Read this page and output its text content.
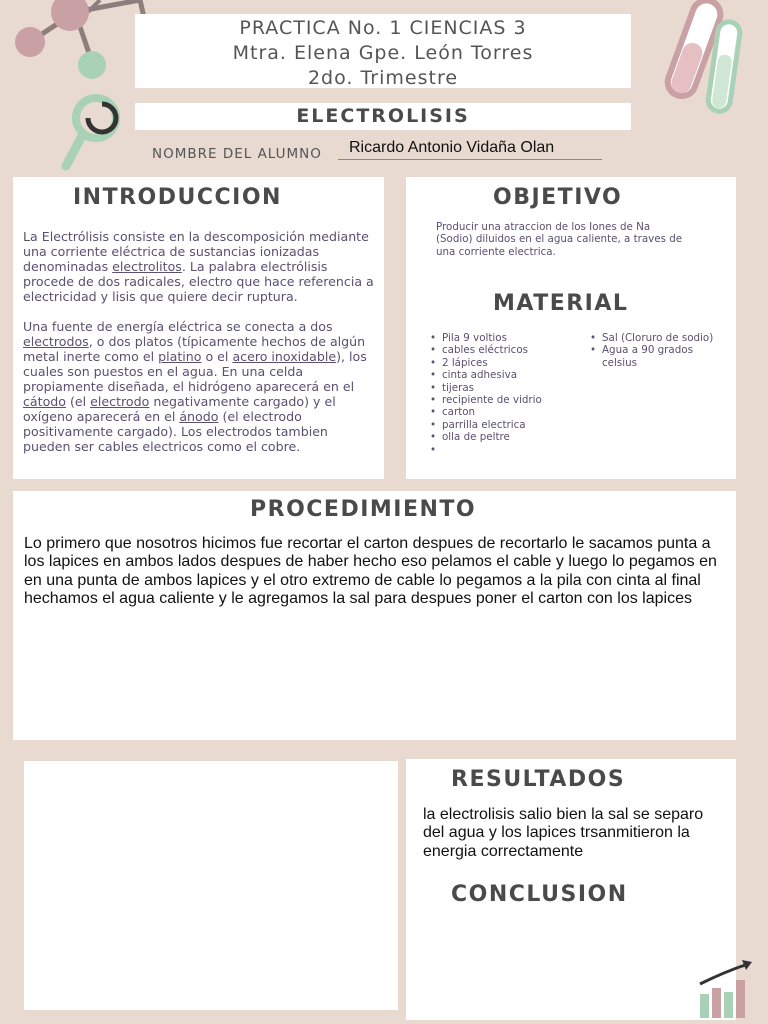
PRACTICA No. 1 CIENCIAS 3
Mtra. Elena Gpe. León Torres
2do. Trimestre
ELECTROLISIS
NOMBRE DEL ALUMNO Ricardo Antonio Vidaña Olan
INTRODUCCION

La Electrólisis consiste en la descomposición mediante una corriente eléctrica de sustancias ionizadas denominadas electrolitos. La palabra electrólisis procede de dos radicales, electro que hace referencia a electricidad y lisis que quiere decir ruptura.

Una fuente de energía eléctrica se conecta a dos electrodos, o dos platos (típicamente hechos de algún metal inerte como el platino o el acero inoxidable), los cuales son puestos en el agua. En una celda propiamente diseñada, el hidrógeno aparecerá en el cátodo (el electrodo negativamente cargado) y el oxígeno aparecerá en el ánodo (el electrodo positivamente cargado). Los electrodos tambien pueden ser cables electricos como el cobre.

OBJETIVO
Producir una atraccion de los Iones de Na (Sodio) diluidos en el agua caliente, a traves de una corriente electrica.
MATERIAL
• Pila 9 voltios
• cables eléctricos
• 2 lápices
• cinta adhesiva
• tijeras
• recipiente de vidrio
• carton
• parrilla electrica
• olla de peltre
• Sal (Cloruro de sodio)
• Agua a 90 grados
celsius
PROCEDIMIENTO
Lo primero que nosotros hicimos fue recortar el carton despues de recortarlo le sacamos punta a los lapices en ambos lados despues de haber hecho eso pelamos el cable y luego lo pegamos en en una punta de ambos lapices y el otro extremo de cable lo pegamos a la pila con cinta al final hechamos el agua caliente y le agregamos la sal para despues poner el carton con los lapices
RESULTADOS
la electrolisis salio bien la sal se separo del agua y los lapices trsanmitieron la energia correctamente
CONCLUSION
